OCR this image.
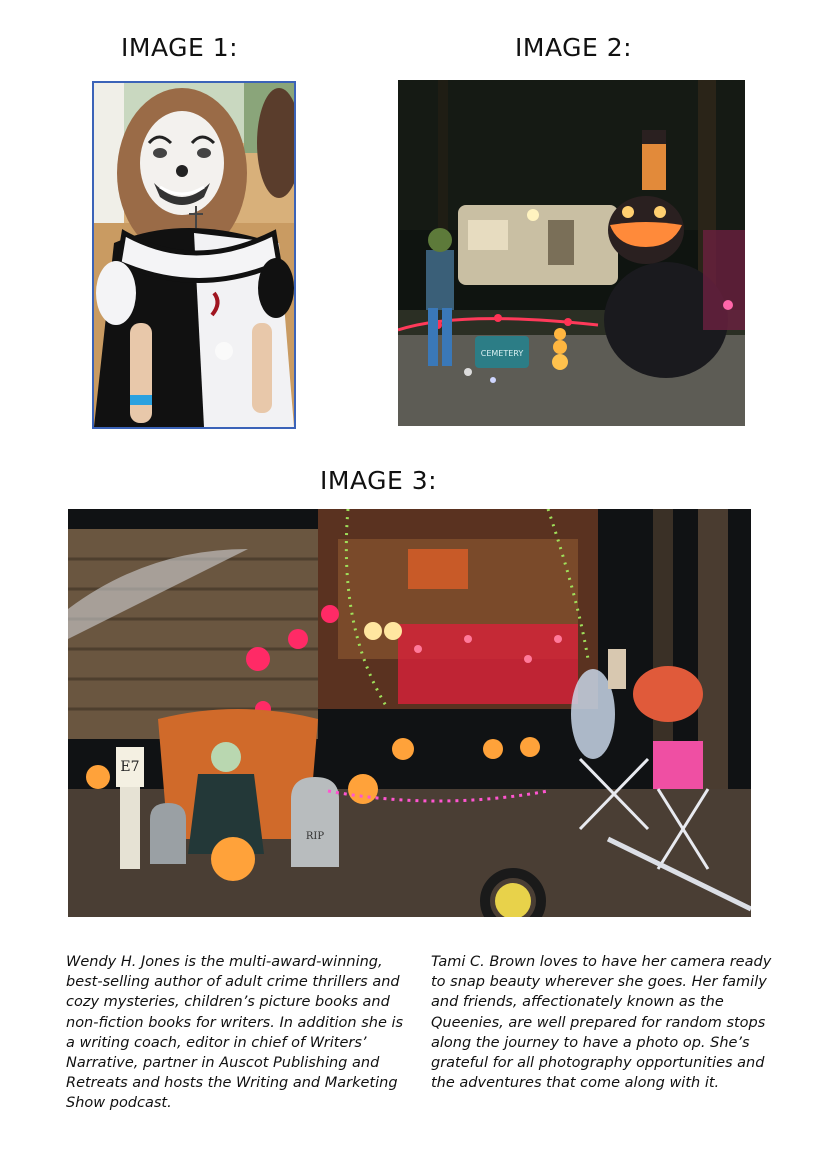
IMAGE 1:	IMAGE 2:
IMAGE 3:
CEMETERY
E7
RIP
Wendy H. Jones is the multi-award-winning,
best-selling author of adult crime thrillers and
cozy mysteries, children’s picture books and
non-fiction books for writers. In addition she is
a writing coach, editor in chief of Writers’
Narrative, partner in Auscot Publishing and
Retreats and hosts the Writing and Marketing
Show podcast.
Tami C. Brown loves to have her camera ready
to snap beauty wherever she goes. Her family
and friends, affectionately known as the
Queenies, are well prepared for random stops
along the journey to have a photo op. She’s
grateful for all photography opportunities and
the adventures that come along with it.
